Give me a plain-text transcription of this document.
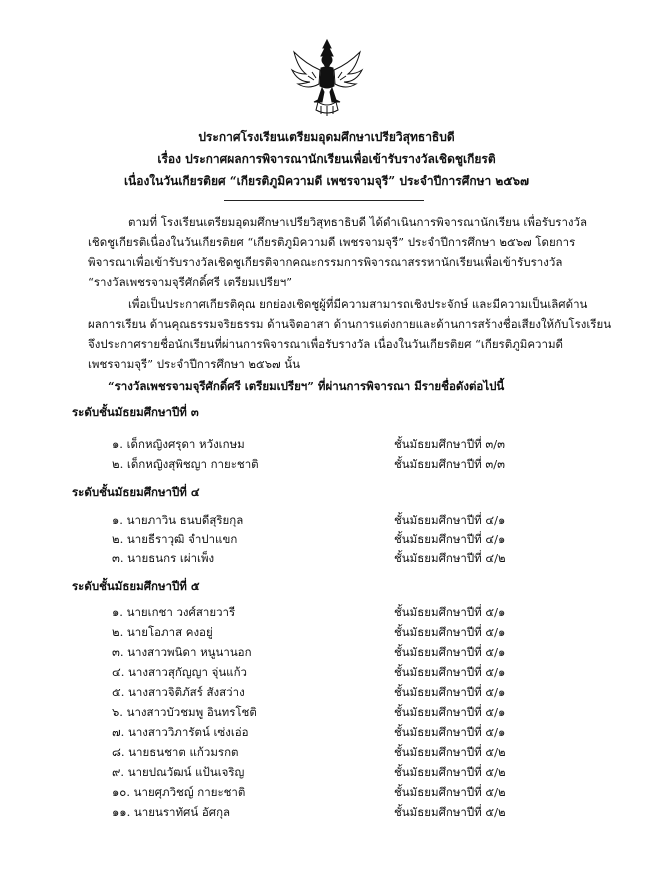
ประกาศโรงเรียนเตรียมอุดมศึกษาเปรียวิสุทธาธิบดี
เรื่อง ประกาศผลการพิจารณานักเรียนเพื่อเข้ารับรางวัลเชิดชูเกียรติ
เนื่องในวันเกียรติยศ “เกียรติภูมิความดี เพชรจามจุรี” ประจำปีการศึกษา ๒๕๖๗
ตามที่ โรงเรียนเตรียมอุดมศึกษาเปรียวิสุทธาธิบดี ได้ดำเนินการพิจารณานักเรียน เพื่อรับรางวัล
เชิดชูเกียรติเนื่องในวันเกียรติยศ “เกียรติภูมิความดี เพชรจามจุรี” ประจำปีการศึกษา ๒๕๖๗ โดยการ
พิจารณาเพื่อเข้ารับรางวัลเชิดชูเกียรติจากคณะกรรมการพิจารณาสรรหานักเรียนเพื่อเข้ารับรางวัล
“รางวัลเพชรจามจุรีศักดิ์ศรี เตรียมเปรียฯ”
เพื่อเป็นประกาศเกียรติคุณ ยกย่องเชิดชูผู้ที่มีความสามารถเชิงประจักษ์ และมีความเป็นเลิศด้าน
ผลการเรียน ด้านคุณธรรมจริยธรรม ด้านจิตอาสา ด้านการแต่งกายและด้านการสร้างชื่อเสียงให้กับโรงเรียน
จึงประกาศรายชื่อนักเรียนที่ผ่านการพิจารณาเพื่อรับรางวัล เนื่องในวันเกียรติยศ “เกียรติภูมิความดี
เพชรจามจุรี” ประจำปีการศึกษา ๒๕๖๗ นั้น
“รางวัลเพชรจามจุรีศักดิ์ศรี เตรียมเปรียฯ” ที่ผ่านการพิจารณา มีรายชื่อดังต่อไปนี้
ระดับชั้นมัธยมศึกษาปีที่ ๓
๑. เด็กหญิงศรุดา หวังเกษม	ชั้นมัธยมศึกษาปีที่ ๓/๓
๒. เด็กหญิงสุพิชญา กายะชาติ	ชั้นมัธยมศึกษาปีที่ ๓/๓
ระดับชั้นมัธยมศึกษาปีที่ ๔
๑. นายภาวิน ธนบดีสุริยกุล	ชั้นมัธยมศึกษาปีที่ ๔/๑
๒. นายธีราวุฒิ จำปาแขก	ชั้นมัธยมศึกษาปีที่ ๔/๑
๓. นายธนกร เผ่าเพ็ง	ชั้นมัธยมศึกษาปีที่ ๔/๒
ระดับชั้นมัธยมศึกษาปีที่ ๕
๑. นายเกชา วงศ์สายวารี	ชั้นมัธยมศึกษาปีที่ ๕/๑
๒. นายโอภาส คงอยู่	ชั้นมัธยมศึกษาปีที่ ๕/๑
๓. นางสาวพนิดา หนูนานอก	ชั้นมัธยมศึกษาปีที่ ๕/๑
๔. นางสาวสุกัญญา จุ่นแก้ว	ชั้นมัธยมศึกษาปีที่ ๕/๑
๕. นางสาวจิติภัสร์ สังสว่าง	ชั้นมัธยมศึกษาปีที่ ๕/๑
๖. นางสาวบัวชมพู อินทรโชติ	ชั้นมัธยมศึกษาปีที่ ๕/๑
๗. นางสาววิภารัตน์ เซ่งเอ่อ	ชั้นมัธยมศึกษาปีที่ ๕/๑
๘. นายธนชาต แก้วมรกต	ชั้นมัธยมศึกษาปีที่ ๕/๒
๙. นายปณวัฒน์ แป้นเจริญ	ชั้นมัธยมศึกษาปีที่ ๕/๒
๑๐. นายศุภวิชญ์ กายะชาติ	ชั้นมัธยมศึกษาปีที่ ๕/๒
๑๑. นายนราทัศน์ อัศกุล	ชั้นมัธยมศึกษาปีที่ ๕/๒
